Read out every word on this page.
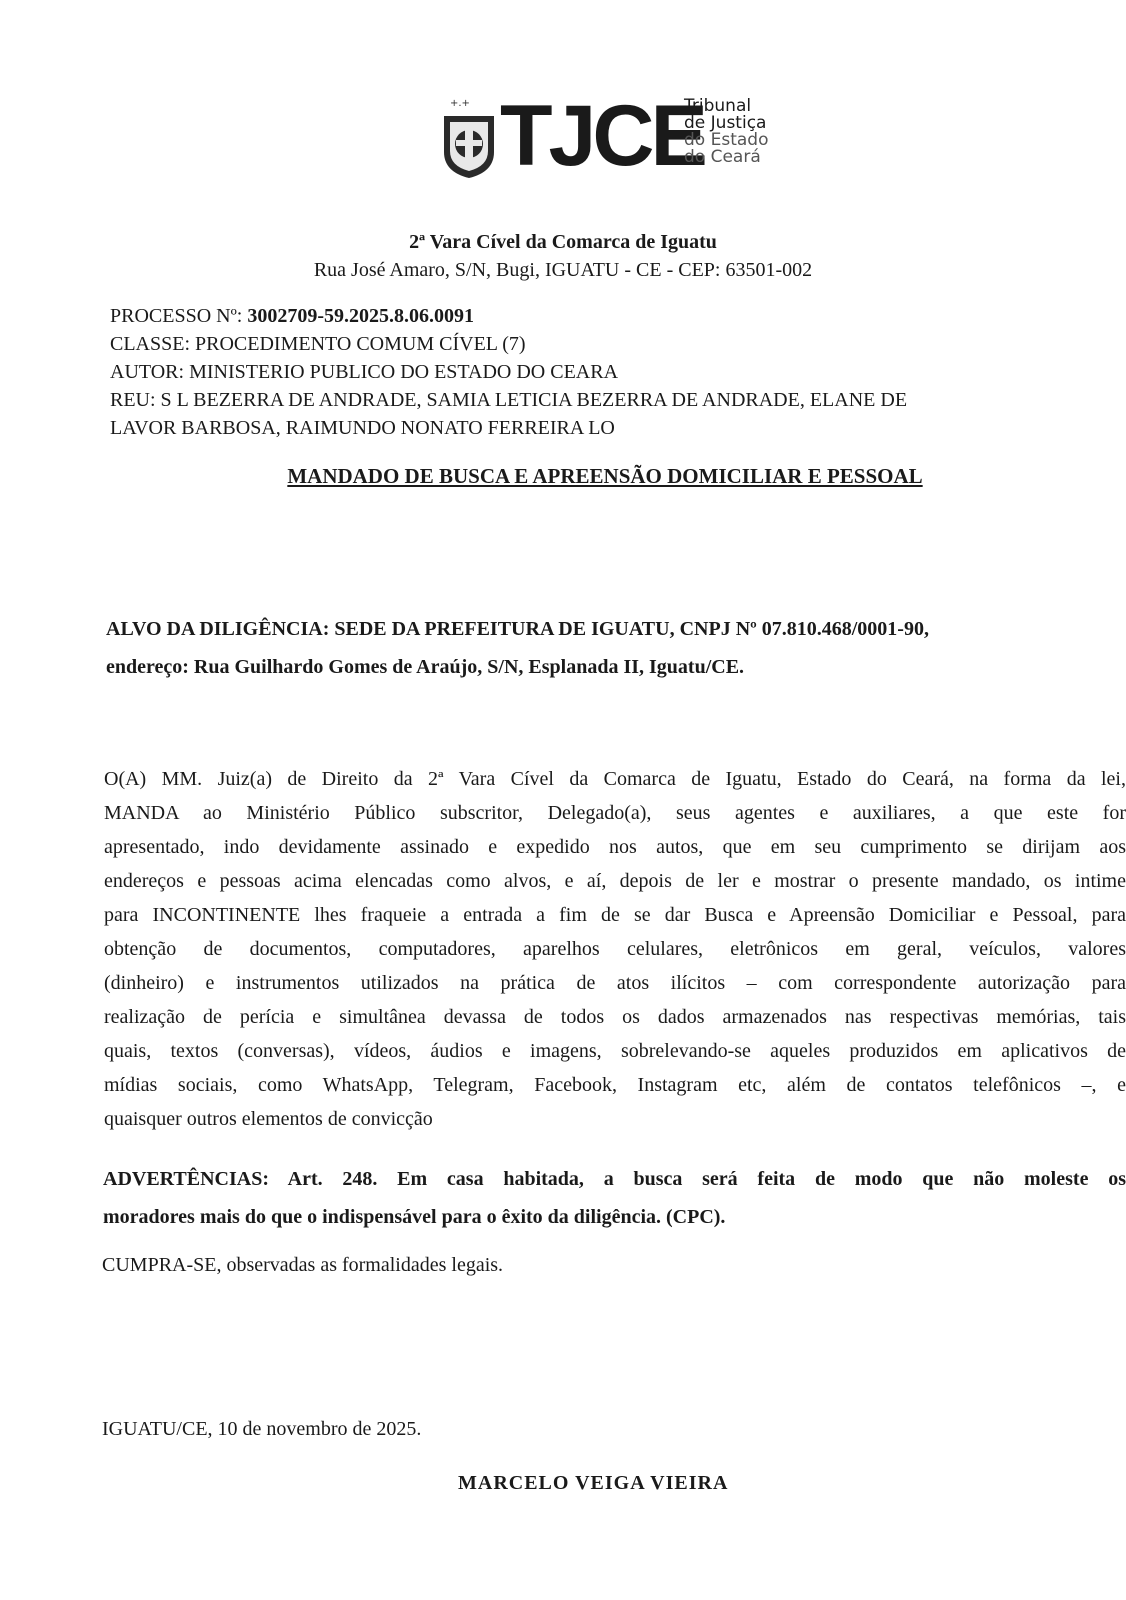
+.+ TJCE
Tribunal
de Justiça
do Estado
do Ceará
2ª Vara Cível da Comarca de Iguatu
Rua José Amaro, S/N, Bugi, IGUATU - CE - CEP: 63501-002
PROCESSO Nº: 3002709-59.2025.8.06.0091
CLASSE: PROCEDIMENTO COMUM CÍVEL (7)
AUTOR: MINISTERIO PUBLICO DO ESTADO DO CEARA
REU: S L BEZERRA DE ANDRADE, SAMIA LETICIA BEZERRA DE ANDRADE, ELANE DE
LAVOR BARBOSA, RAIMUNDO NONATO FERREIRA LO
MANDADO DE BUSCA E APREENSÃO DOMICILIAR E PESSOAL
ALVO DA DILIGÊNCIA: SEDE DA PREFEITURA DE IGUATU, CNPJ Nº 07.810.468/0001-90,
endereço: Rua Guilhardo Gomes de Araújo, S/N, Esplanada II, Iguatu/CE.
O(A) MM. Juiz(a) de Direito da 2ª Vara Cível da Comarca de Iguatu, Estado do Ceará, na forma da lei,
MANDA ao Ministério Público subscritor, Delegado(a), seus agentes e auxiliares, a que este for
apresentado, indo devidamente assinado e expedido nos autos, que em seu cumprimento se dirijam aos
endereços e pessoas acima elencadas como alvos, e aí, depois de ler e mostrar o presente mandado, os intime
para INCONTINENTE lhes fraqueie a entrada a fim de se dar Busca e Apreensão Domiciliar e Pessoal, para
obtenção de documentos, computadores, aparelhos celulares, eletrônicos em geral, veículos, valores
(dinheiro) e instrumentos utilizados na prática de atos ilícitos – com correspondente autorização para
realização de perícia e simultânea devassa de todos os dados armazenados nas respectivas memórias, tais
quais, textos (conversas), vídeos, áudios e imagens, sobrelevando-se aqueles produzidos em aplicativos de
mídias sociais, como WhatsApp, Telegram, Facebook, Instagram etc, além de contatos telefônicos –, e
quaisquer outros elementos de convicção
ADVERTÊNCIAS: Art. 248. Em casa habitada, a busca será feita de modo que não moleste os
moradores mais do que o indispensável para o êxito da diligência. (CPC).
CUMPRA-SE, observadas as formalidades legais.
IGUATU/CE, 10 de novembro de 2025.
MARCELO VEIGA VIEIRA
